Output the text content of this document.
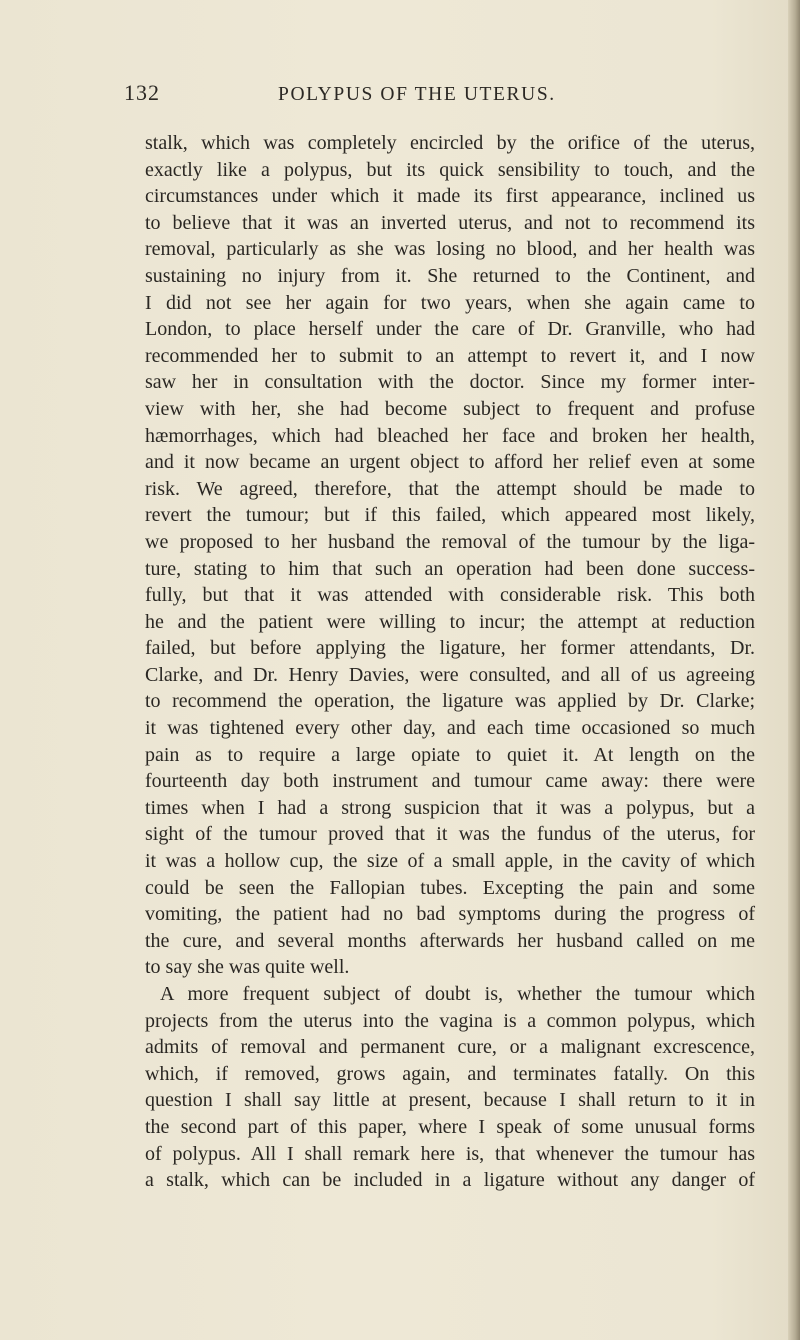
132	POLYPUS OF THE UTERUS.
stalk, which was completely encircled by the orifice of the uterus,
exactly like a polypus, but its quick sensibility to touch, and the
circumstances under which it made its first appearance, inclined us
to believe that it was an inverted uterus, and not to recommend its
removal, particularly as she was losing no blood, and her health was
sustaining no injury from it. She returned to the Continent, and
I did not see her again for two years, when she again came to
London, to place herself under the care of Dr. Granville, who had
recommended her to submit to an attempt to revert it, and I now
saw her in consultation with the doctor. Since my former inter-
view with her, she had become subject to frequent and profuse
hæmorrhages, which had bleached her face and broken her health,
and it now became an urgent object to afford her relief even at some
risk. We agreed, therefore, that the attempt should be made to
revert the tumour; but if this failed, which appeared most likely,
we proposed to her husband the removal of the tumour by the liga-
ture, stating to him that such an operation had been done success-
fully, but that it was attended with considerable risk. This both
he and the patient were willing to incur; the attempt at reduction
failed, but before applying the ligature, her former attendants, Dr.
Clarke, and Dr. Henry Davies, were consulted, and all of us agreeing
to recommend the operation, the ligature was applied by Dr. Clarke;
it was tightened every other day, and each time occasioned so much
pain as to require a large opiate to quiet it. At length on the
fourteenth day both instrument and tumour came away: there were
times when I had a strong suspicion that it was a polypus, but a
sight of the tumour proved that it was the fundus of the uterus, for
it was a hollow cup, the size of a small apple, in the cavity of which
could be seen the Fallopian tubes. Excepting the pain and some
vomiting, the patient had no bad symptoms during the progress of
the cure, and several months afterwards her husband called on me
to say she was quite well.
A more frequent subject of doubt is, whether the tumour which
projects from the uterus into the vagina is a common polypus, which
admits of removal and permanent cure, or a malignant excrescence,
which, if removed, grows again, and terminates fatally. On this
question I shall say little at present, because I shall return to it in
the second part of this paper, where I speak of some unusual forms
of polypus. All I shall remark here is, that whenever the tumour has
a stalk, which can be included in a ligature without any danger of
